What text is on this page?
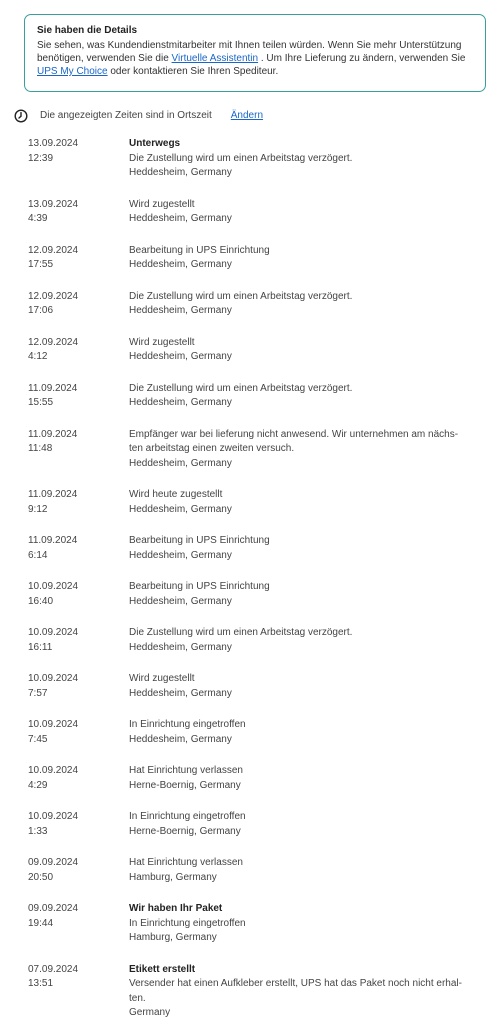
Sie haben die Details
Sie sehen, was Kundendienstmitarbeiter mit Ihnen teilen würden. Wenn Sie mehr Unterstützung benötigen, verwenden Sie die Virtuelle Assistentin . Um Ihre Lieferung zu ändern, verwenden Sie UPS My Choice oder kontaktieren Sie Ihren Spediteur.
Die angezeigten Zeiten sind in Ortszeit Ändern
13.09.2024
12:39
Unterwegs
Die Zustellung wird um einen Arbeitstag verzögert.
Heddesheim, Germany
13.09.2024
4:39
Wird zugestellt
Heddesheim, Germany
12.09.2024
17:55
Bearbeitung in UPS Einrichtung
Heddesheim, Germany
12.09.2024
17:06
Die Zustellung wird um einen Arbeitstag verzögert.
Heddesheim, Germany
12.09.2024
4:12
Wird zugestellt
Heddesheim, Germany
11.09.2024
15:55
Die Zustellung wird um einen Arbeitstag verzögert.
Heddesheim, Germany
11.09.2024
11:48
Empfänger war bei lieferung nicht anwesend. Wir unternehmen am nächs-
ten arbeitstag einen zweiten versuch.
Heddesheim, Germany
11.09.2024
9:12
Wird heute zugestellt
Heddesheim, Germany
11.09.2024
6:14
Bearbeitung in UPS Einrichtung
Heddesheim, Germany
10.09.2024
16:40
Bearbeitung in UPS Einrichtung
Heddesheim, Germany
10.09.2024
16:11
Die Zustellung wird um einen Arbeitstag verzögert.
Heddesheim, Germany
10.09.2024
7:57
Wird zugestellt
Heddesheim, Germany
10.09.2024
7:45
In Einrichtung eingetroffen
Heddesheim, Germany
10.09.2024
4:29
Hat Einrichtung verlassen
Herne-Boernig, Germany
10.09.2024
1:33
In Einrichtung eingetroffen
Herne-Boernig, Germany
09.09.2024
20:50
Hat Einrichtung verlassen
Hamburg, Germany
09.09.2024
19:44
Wir haben Ihr Paket
In Einrichtung eingetroffen
Hamburg, Germany
07.09.2024
13:51
Etikett erstellt
Versender hat einen Aufkleber erstellt, UPS hat das Paket noch nicht erhal-
ten.
Germany
